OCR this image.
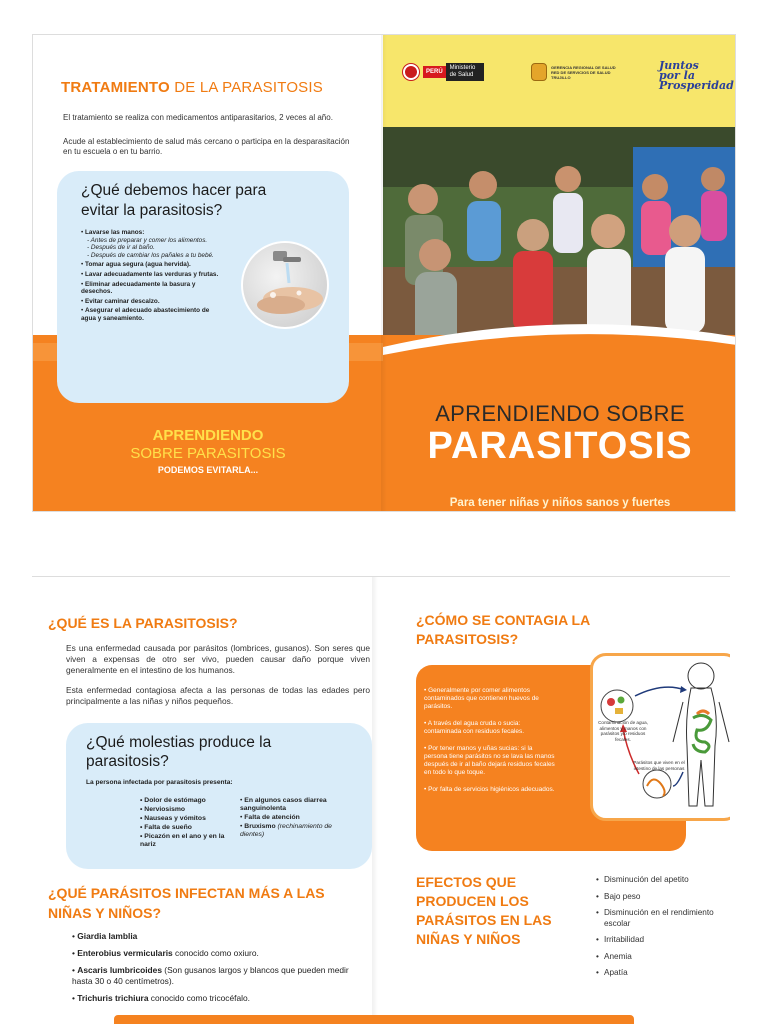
TRATAMIENTO DE LA PARASITOSIS

El tratamiento se realiza con medicamentos antiparasitarios, 2 veces al año.

Acude al establecimiento de salud más cercano o participa en la desparasitación en tu escuela o en tu barrio.

¿Qué debemos hacer para evitar la parasitosis?
• Lavarse las manos:
- Antes de preparar y comer los alimentos.
- Después de ir al baño.
- Después de cambiar los pañales a tu bebé.
• Tomar agua segura (agua hervida).
• Lavar adecuadamente las verduras y frutas.
• Eliminar adecuadamente la basura y desechos.
• Evitar caminar descalzo.
• Asegurar el adecuado abastecimiento de agua y saneamiento.
APRENDIENDO
SOBRE PARASITOSIS
PODEMOS EVITARLA...
PERÚ
Ministerio de Salud
GERENCIA REGIONAL DE SALUD RED DE SERVICIOS DE SALUD TRUJILLO
Juntos por la Prosperidad
APRENDIENDO SOBRE
PARASITOSIS
Para tener niñas y niños sanos y fuertes
¿QUÉ ES LA PARASITOSIS?

Es una enfermedad causada por parásitos (lombrices, gusanos). Son seres que viven a expensas de otro ser vivo, pueden causar daño porque viven generalmente en el intestino de los humanos.

Esta enfermedad contagiosa afecta a las personas de todas las edades pero principalmente a las niñas y niños pequeños.

¿Qué molestias produce la parasitosis?
La persona infectada por parasitosis presenta:
• Dolor de estómago
• Nerviosismo
• Nauseas y vómitos
• Falta de sueño
• Picazón en el ano y en la nariz
• En algunos casos diarrea sanguinolenta
• Falta de atención
• Bruxismo (rechinamiento de dientes)
¿QUÉ PARÁSITOS INFECTAN MÁS A LAS NIÑAS Y NIÑOS?
• Giardia lamblia
• Enterobius vermicularis conocido como oxiuro.
• Ascaris lumbricoides (Son gusanos largos y blancos que pueden medir hasta 30 o 40 centímetros).
• Trichuris trichiura conocido como tricocéfalo.
¿CÓMO SE CONTAGIA LA PARASITOSIS?
• Generalmente por comer alimentos contaminados que contienen huevos de parásitos.
• A través del agua cruda o sucia: contaminada con residuos fecales.
• Por tener manos y uñas sucias: si la persona tiene parásitos no se lava las manos después de ir al baño dejará residuos fecales en todo lo que toque.
• Por falta de servicios higiénicos adecuados.
Contaminación de agua, alimentos y manos con parásitos y/o residuos fecales.
Parásitos que viven en el intestino de las personas
EFECTOS QUE PRODUCEN LOS PARÁSITOS EN LAS NIÑAS Y NIÑOS
• Disminución del apetito
• Bajo peso
• Disminución en el rendimiento escolar
• Irritabilidad
• Anemia
• Apatía
